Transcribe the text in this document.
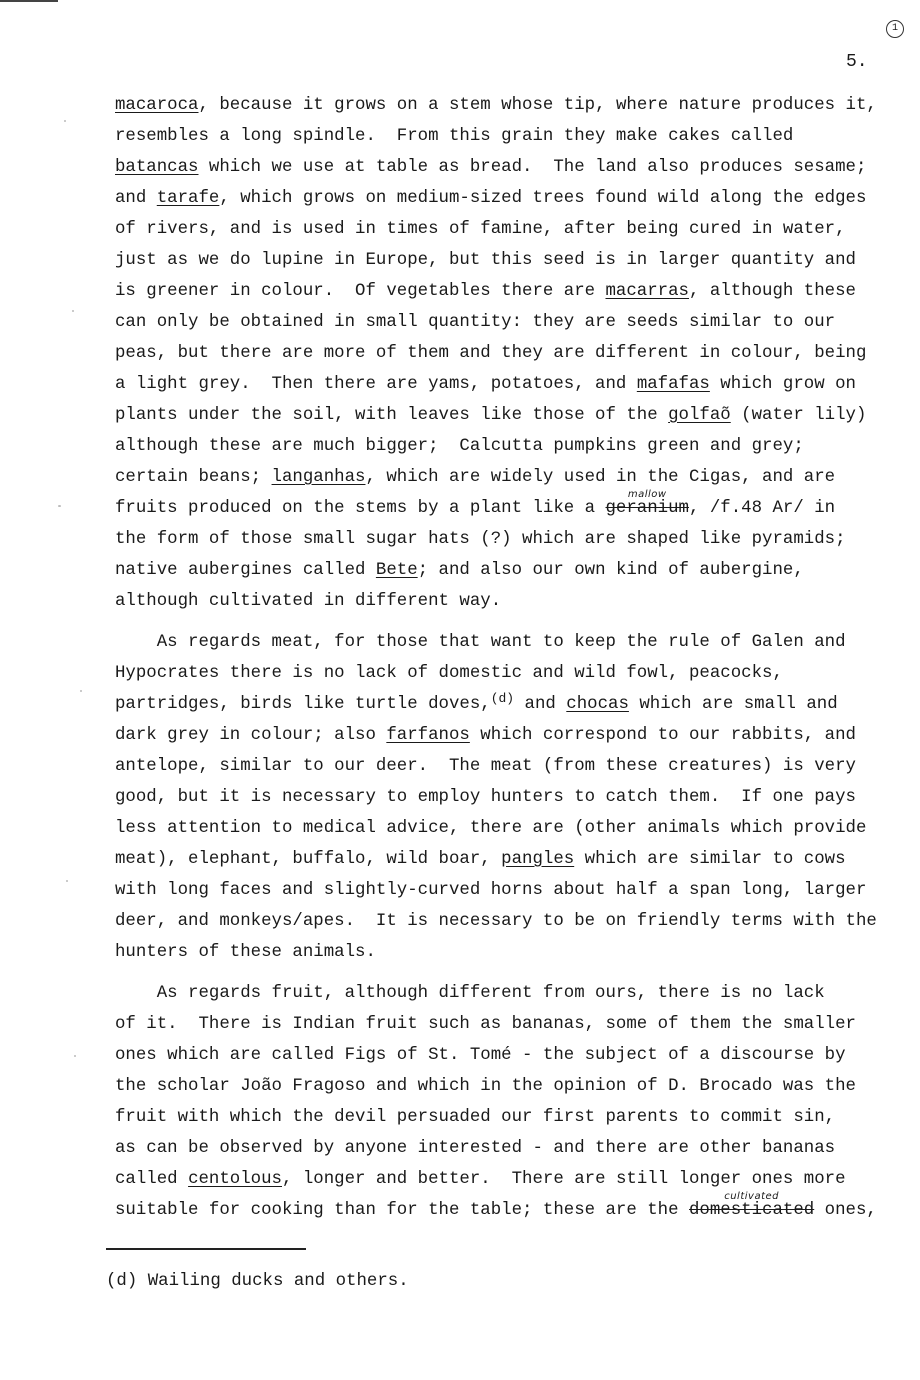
1
5.
macaroca, because it grows on a stem whose tip, where nature produces it,
resembles a long spindle.  From this grain they make cakes called
batancas which we use at table as bread.  The land also produces sesame;
and tarafe, which grows on medium-sized trees found wild along the edges
of rivers, and is used in times of famine, after being cured in water,
just as we do lupine in Europe, but this seed is in larger quantity and
is greener in colour.  Of vegetables there are macarras, although these
can only be obtained in small quantity: they are seeds similar to our
peas, but there are more of them and they are different in colour, being
a light grey.  Then there are yams, potatoes, and mafafas which grow on
plants under the soil, with leaves like those of the golfaõ (water lily)
although these are much bigger;  Calcutta pumpkins green and grey;
certain beans; langanhas, which are widely used in the Cigas, and are
fruits produced on the stems by a plant like a geranium
mallow
, /f.48 Ar/ in
the form of those small sugar hats (?) which are shaped like pyramids;
native aubergines called Bete; and also our own kind of aubergine,
although cultivated in different way.
As regards meat, for those that want to keep the rule of Galen and
Hypocrates there is no lack of domestic and wild fowl, peacocks,
partridges, birds like turtle doves,$^{(d)}$ and chocas which are small and
dark grey in colour; also farfanos which correspond to our rabbits, and
antelope, similar to our deer.  The meat (from these creatures) is very
good, but it is necessary to employ hunters to catch them.  If one pays
less attention to medical advice, there are (other animals which provide
meat), elephant, buffalo, wild boar, pangles which are similar to cows
with long faces and slightly-curved horns about half a span long, larger
deer, and monkeys/apes.  It is necessary to be on friendly terms with the
hunters of these animals.
As regards fruit, although different from ours, there is no lack
of it.  There is Indian fruit such as bananas, some of them the smaller
ones which are called Figs of St. Tomé - the subject of a discourse by
the scholar João Fragoso and which in the opinion of D. Brocado was the
fruit with which the devil persuaded our first parents to commit sin,
as can be observed by anyone interested - and there are other bananas
called centolous, longer and better.  There are still longer ones more
suitable for cooking than for the table; these are the domesticated
cultivated
ones,
(d) Wailing ducks and others.
